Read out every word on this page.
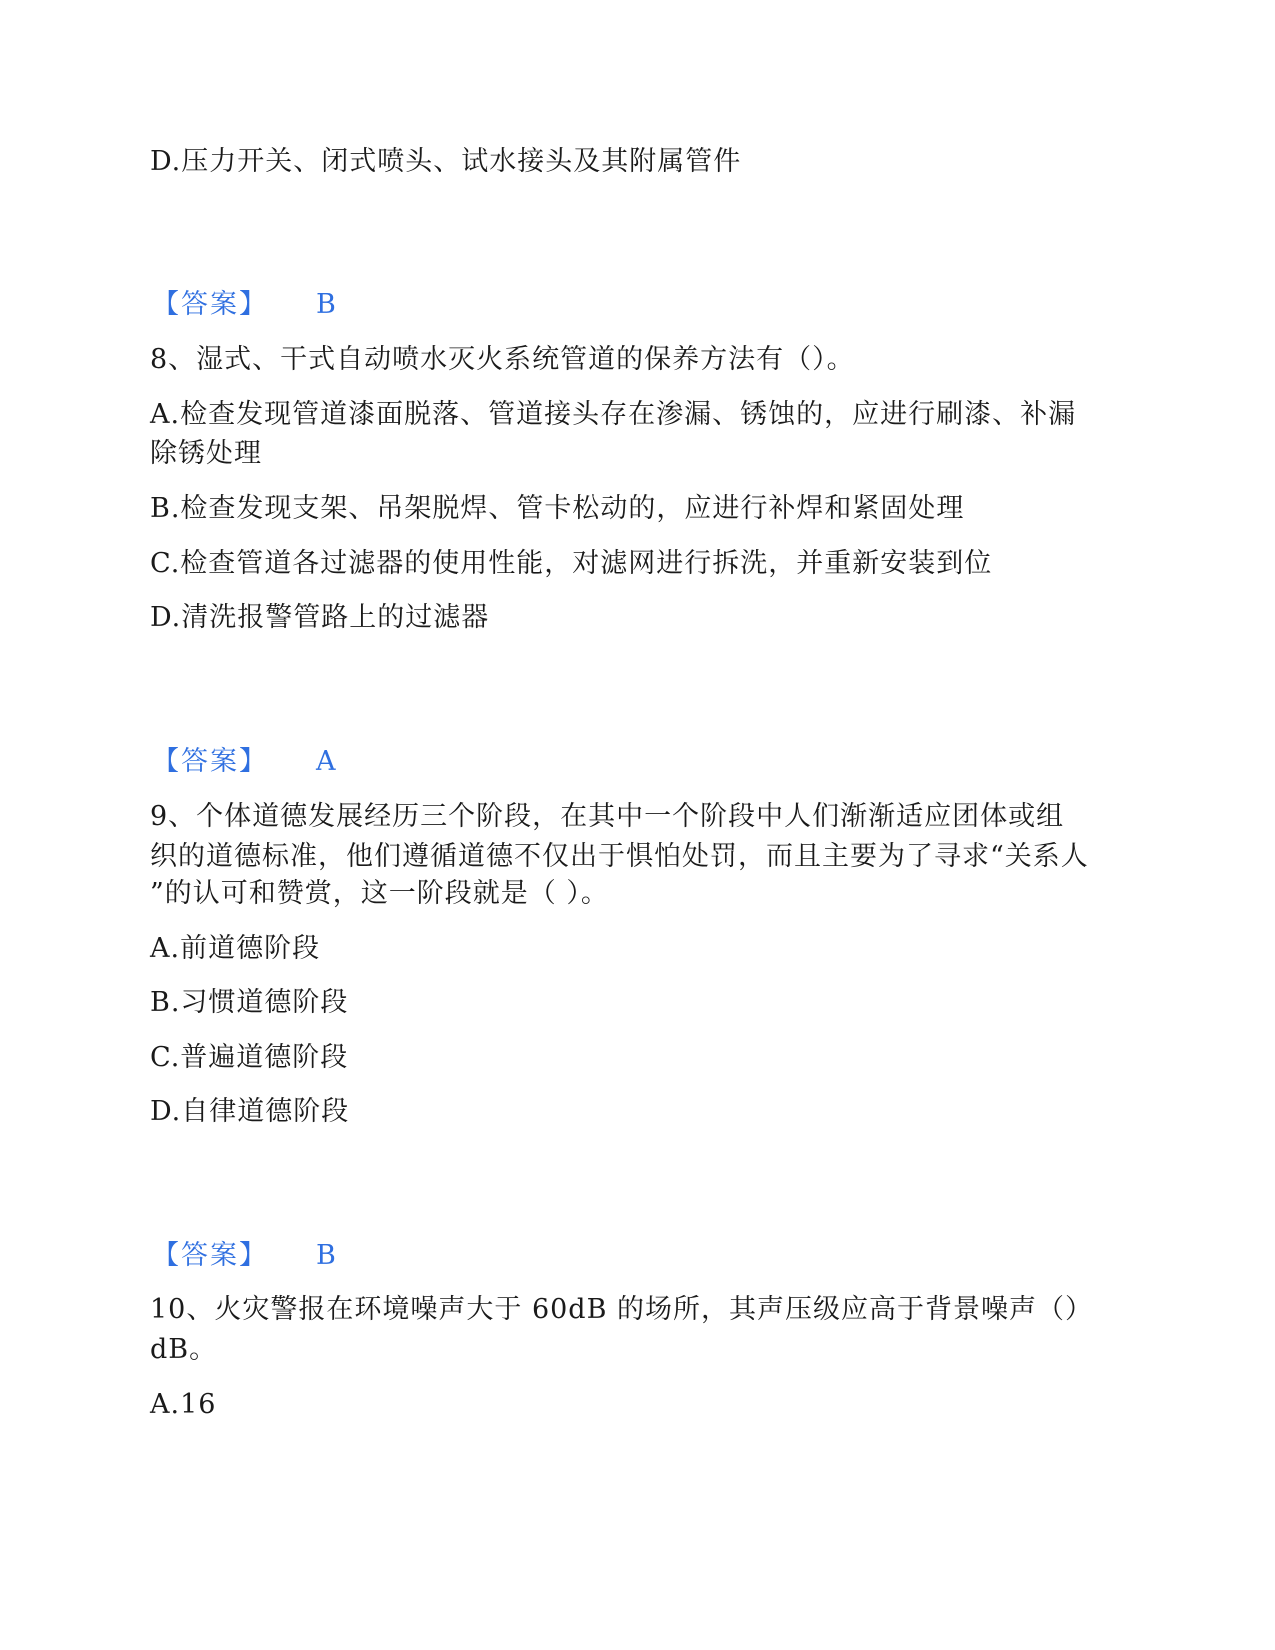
D.压力开关、闭式喷头、试水接头及其附属管件
【答案】 B
8、湿式、干式自动喷水灭火系统管道的保养方法有（）。
A.检查发现管道漆面脱落、管道接头存在渗漏、锈蚀的，应进行刷漆、补漏
除锈处理
B.检查发现支架、吊架脱焊、管卡松动的，应进行补焊和紧固处理
C.检查管道各过滤器的使用性能，对滤网进行拆洗，并重新安装到位
D.清洗报警管路上的过滤器
【答案】 A
9、个体道德发展经历三个阶段，在其中一个阶段中人们渐渐适应团体或组
织的道德标准，他们遵循道德不仅出于惧怕处罚，而且主要为了寻求“关系人
”的认可和赞赏，这一阶段就是（ ）。
A.前道德阶段
B.习惯道德阶段
C.普遍道德阶段
D.自律道德阶段
【答案】 B
10、火灾警报在环境噪声大于 60dB 的场所，其声压级应高于背景噪声（）
dB。
A.16
